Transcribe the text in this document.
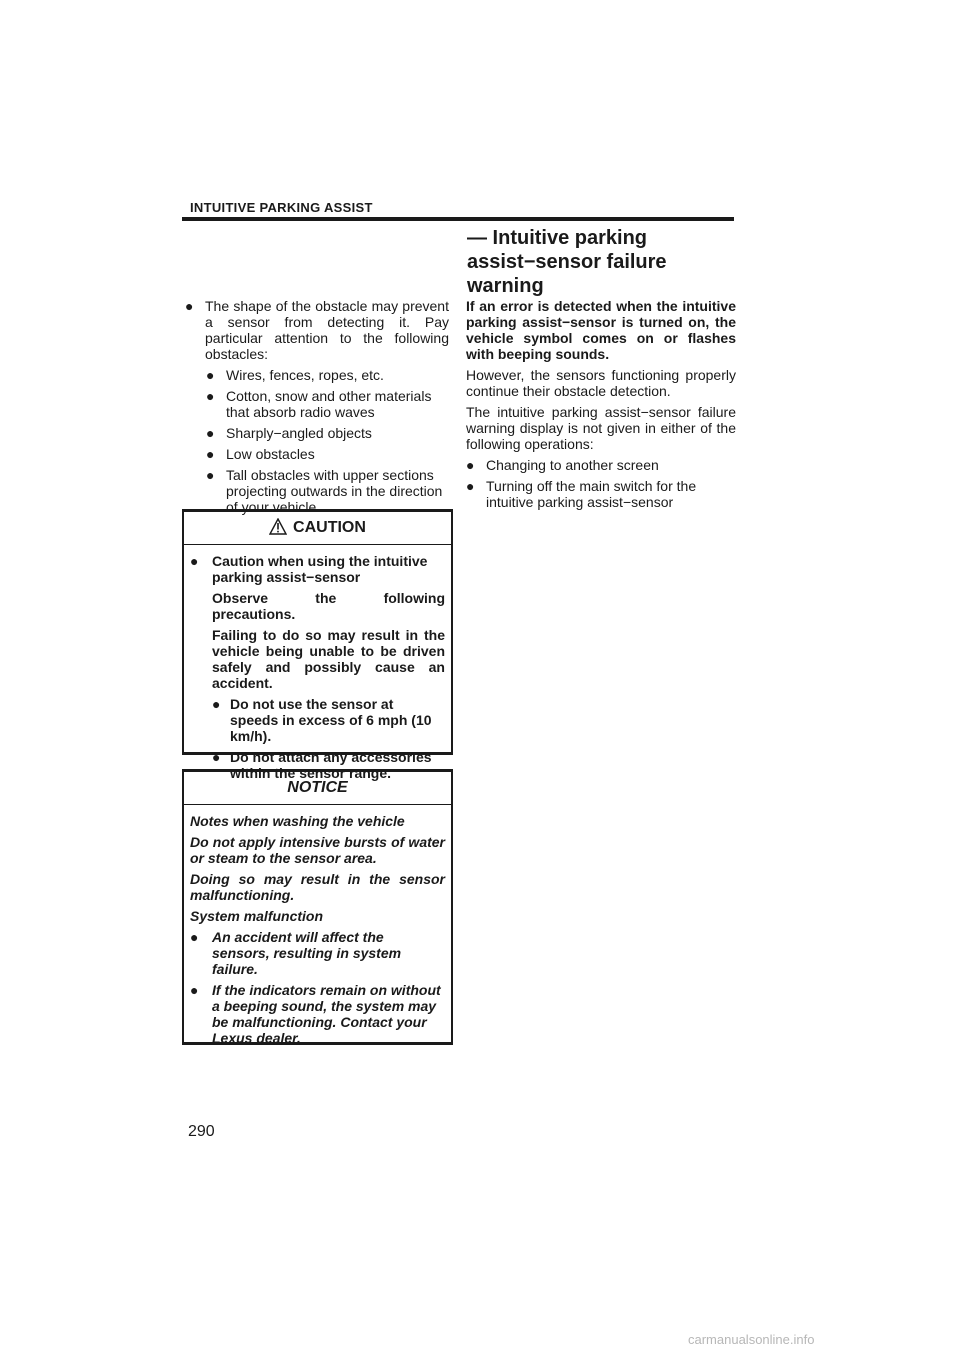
INTUITIVE PARKING ASSIST
— Intuitive parking
assist−sensor failure
warning
● The shape of the obstacle may prevent a sensor from detecting it. Pay particular attention to the following obstacles:

● Wires, fences, ropes, etc.
● Cotton, snow and other materials that absorb radio waves
● Sharply−angled objects
● Low obstacles
● Tall obstacles with upper sections projecting outwards in the direction of your vehicle
CAUTION
● Caution when using the intuitive parking assist−sensor

Observe the following precautions.

Failing to do so may result in the vehicle being unable to be driven safely and possibly cause an accident.

● Do not use the sensor at speeds in excess of 6 mph (10 km/h).
● Do not attach any accessories within the sensor range.
NOTICE

Notes when washing the vehicle

Do not apply intensive bursts of water or steam to the sensor area.

Doing so may result in the sensor malfunctioning.

System malfunction

● An accident will affect the sensors, resulting in system failure.
● If the indicators remain on without a beeping sound, the system may be malfunctioning. Contact your Lexus dealer.

If an error is detected when the intuitive parking assist−sensor is turned on, the vehicle symbol comes on or flashes with beeping sounds.

However, the sensors functioning properly continue their obstacle detection.

The intuitive parking assist−sensor failure warning display is not given in either of the following operations:

● Changing to another screen
● Turning off the main switch for the intuitive parking assist−sensor
290
carmanualsonline.info
